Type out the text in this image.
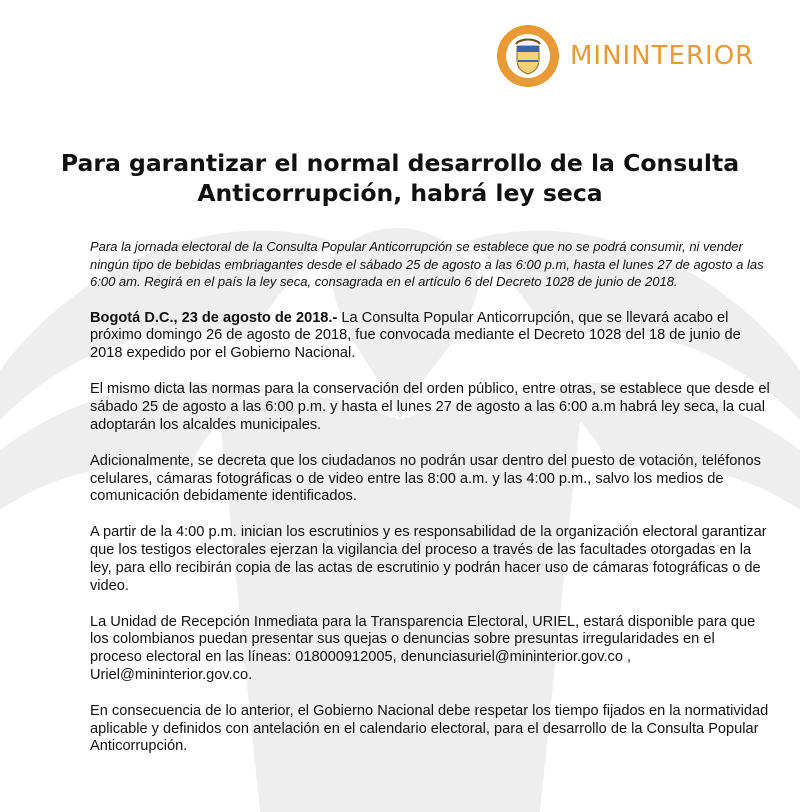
MININTERIOR
Para garantizar el normal desarrollo de la Consulta
Anticorrupción, habrá ley seca

Para la jornada electoral de la Consulta Popular Anticorrupción se establece que no se podrá consumir, ni vender ningún tipo de bebidas embriagantes desde el sábado 25 de agosto a las 6:00 p.m, hasta el lunes 27 de agosto a las 6:00 am. Regirá en el país la ley seca, consagrada en el artículo 6 del Decreto 1028 de junio de 2018.

Bogotá D.C., 23 de agosto de 2018.- La Consulta Popular Anticorrupción, que se llevará acabo el próximo domingo 26 de agosto de 2018, fue convocada mediante el Decreto 1028 del 18 de junio de 2018 expedido por el Gobierno Nacional.

El mismo dicta las normas para la conservación del orden público, entre otras, se establece que desde el sábado 25 de agosto a las 6:00 p.m. y hasta el lunes 27 de agosto a las 6:00 a.m habrá ley seca, la cual adoptarán los alcaldes municipales.

Adicionalmente, se decreta que los ciudadanos no podrán usar dentro del puesto de votación, teléfonos celulares, cámaras fotográficas o de video entre las 8:00 a.m. y las 4:00 p.m., salvo los medios de comunicación debidamente identificados.

A partir de la 4:00 p.m. inician los escrutinios y es responsabilidad de la organización electoral garantizar que los testigos electorales ejerzan la vigilancia del proceso a través de las facultades otorgadas en la ley, para ello recibirán copia de las actas de escrutinio y podrán hacer uso de cámaras fotográficas o de video.

La Unidad de Recepción Inmediata para la Transparencia Electoral, URIEL, estará disponible para que los colombianos puedan presentar sus quejas o denuncias sobre presuntas irregularidades en el proceso electoral en las líneas: 018000912005, denunciasuriel@mininterior.gov.co , Uriel@mininterior.gov.co.

En consecuencia de lo anterior, el Gobierno Nacional debe respetar los tiempo fijados en la normatividad aplicable y definidos con antelación en el calendario electoral, para el desarrollo de la Consulta Popular Anticorrupción.
